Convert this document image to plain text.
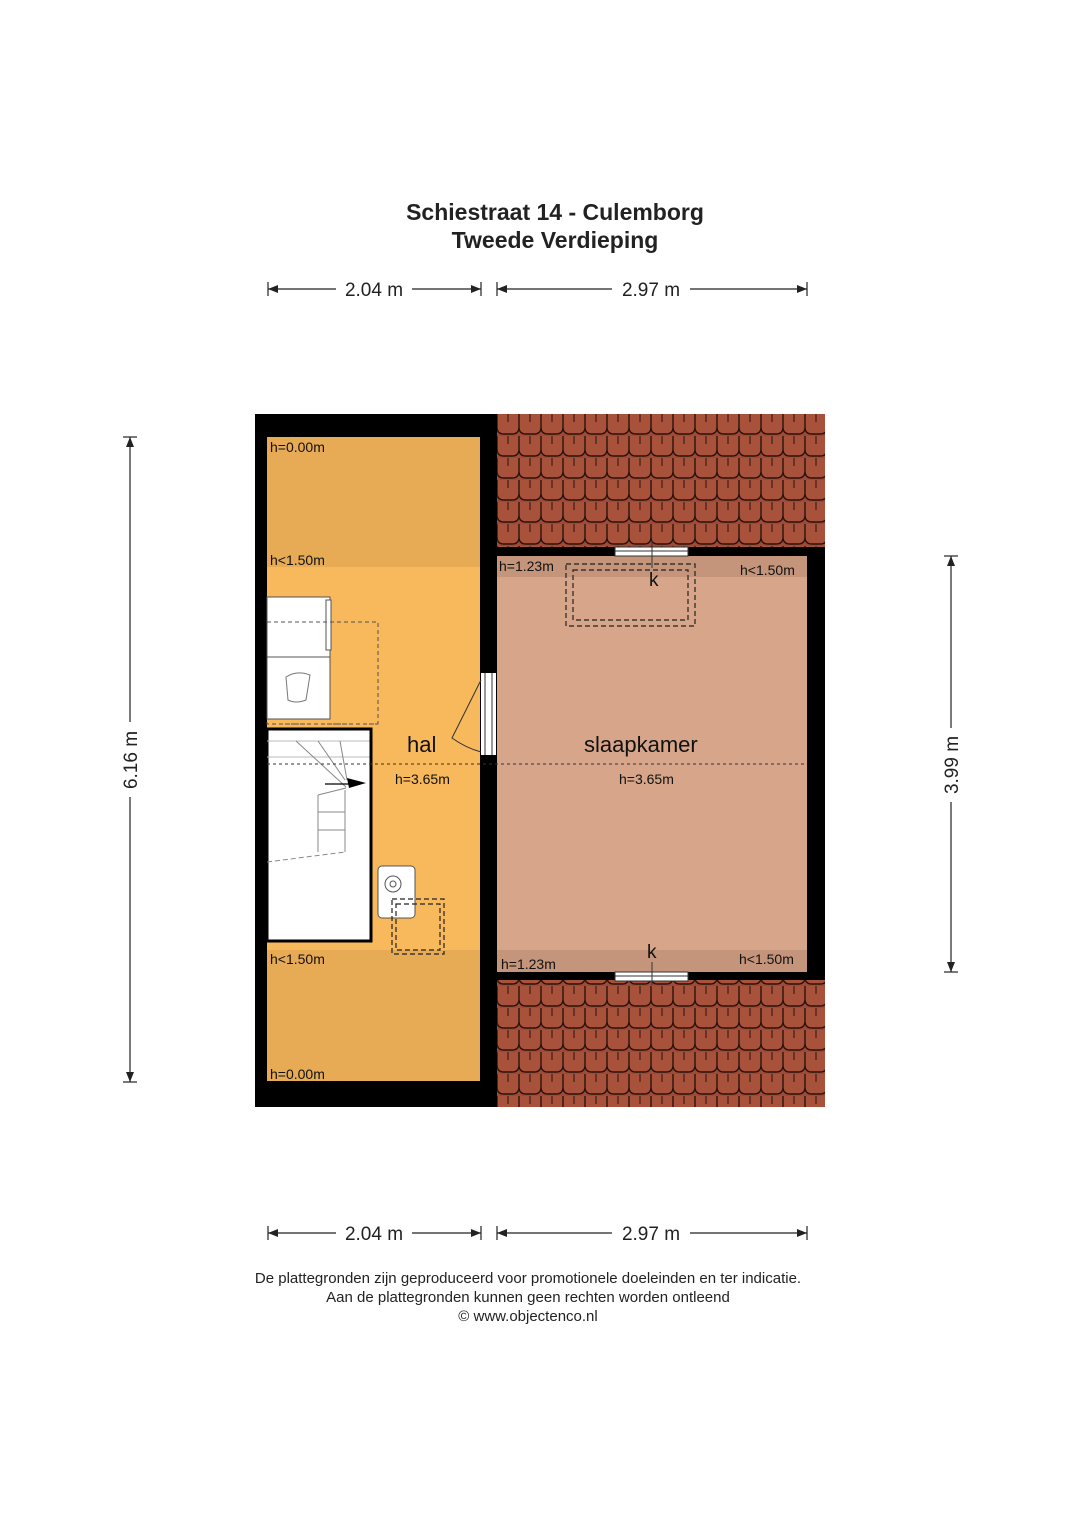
Schiestraat 14 - Culemborg
Tweede Verdieping
2.04 m	2.97 m
2.04 m	2.97 m
6.16 m	3.99 m
h=0.00m
h<1.50m
hal
h=3.65m
h<1.50m
h=0.00m
h=1.23m	h<1.50m
k
slaapkamer
h=3.65m
k
h=1.23m	h<1.50m
De plattegronden zijn geproduceerd voor promotionele doeleinden en ter indicatie.
Aan de plattegronden kunnen geen rechten worden ontleend
© www.objectenco.nl
